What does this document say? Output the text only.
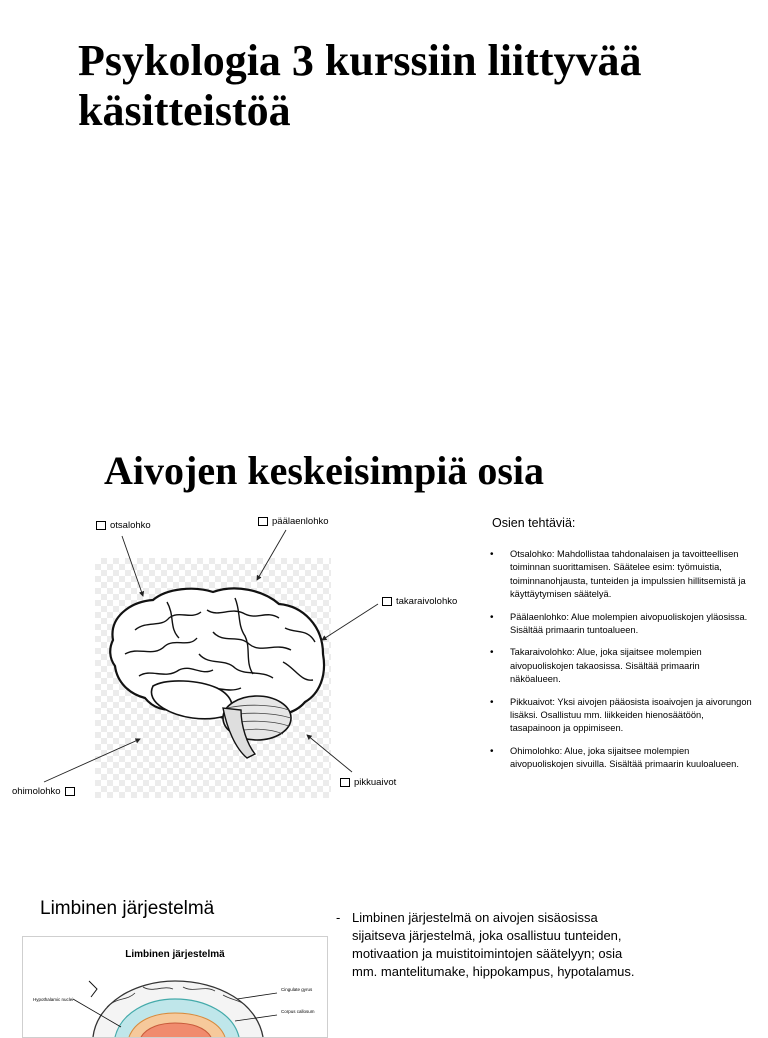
Psykologia 3 kurssiin liittyvää käsitteistöä
Aivojen keskeisimpiä osia
otsalohko	päälaenlohko
takaraivolohko
ohimolohko
pikkuaivot
Osien tehtäviä:
• Otsalohko: Mahdollistaa tahdonalaisen ja tavoitteellisen toiminnan suorittamisen. Säätelee esim: työmuistia, toiminnanohjausta, tunteiden ja impulssien hillitsemistä ja käyttäytymisen säätelyä.
• Päälaenlohko: Alue molempien aivopuoliskojen yläosissa. Sisältää primaarin tuntoalueen.
• Takaraivolohko: Alue, joka sijaitsee molempien aivopuoliskojen takaosissa. Sisältää primaarin näköalueen.
• Pikkuaivot: Yksi aivojen pääosista isoaivojen ja aivorungon lisäksi. Osallistuu mm. liikkeiden hienosäätöön, tasapainoon ja oppimiseen.
• Ohimolohko: Alue, joka sijaitsee molempien aivopuoliskojen sivuilla. Sisältää primaarin kuuloalueen.
Limbinen järjestelmä
Limbinen järjestelmä
Hypothalamic nuclei
Cingulate gyrus
Corpus callosum
- Limbinen järjestelmä on aivojen sisäosissa sijaitseva järjestelmä, joka osallistuu tunteiden, motivaation ja muistitoimintojen säätelyyn; osia mm. mantelitumake, hippokampus, hypotalamus.
